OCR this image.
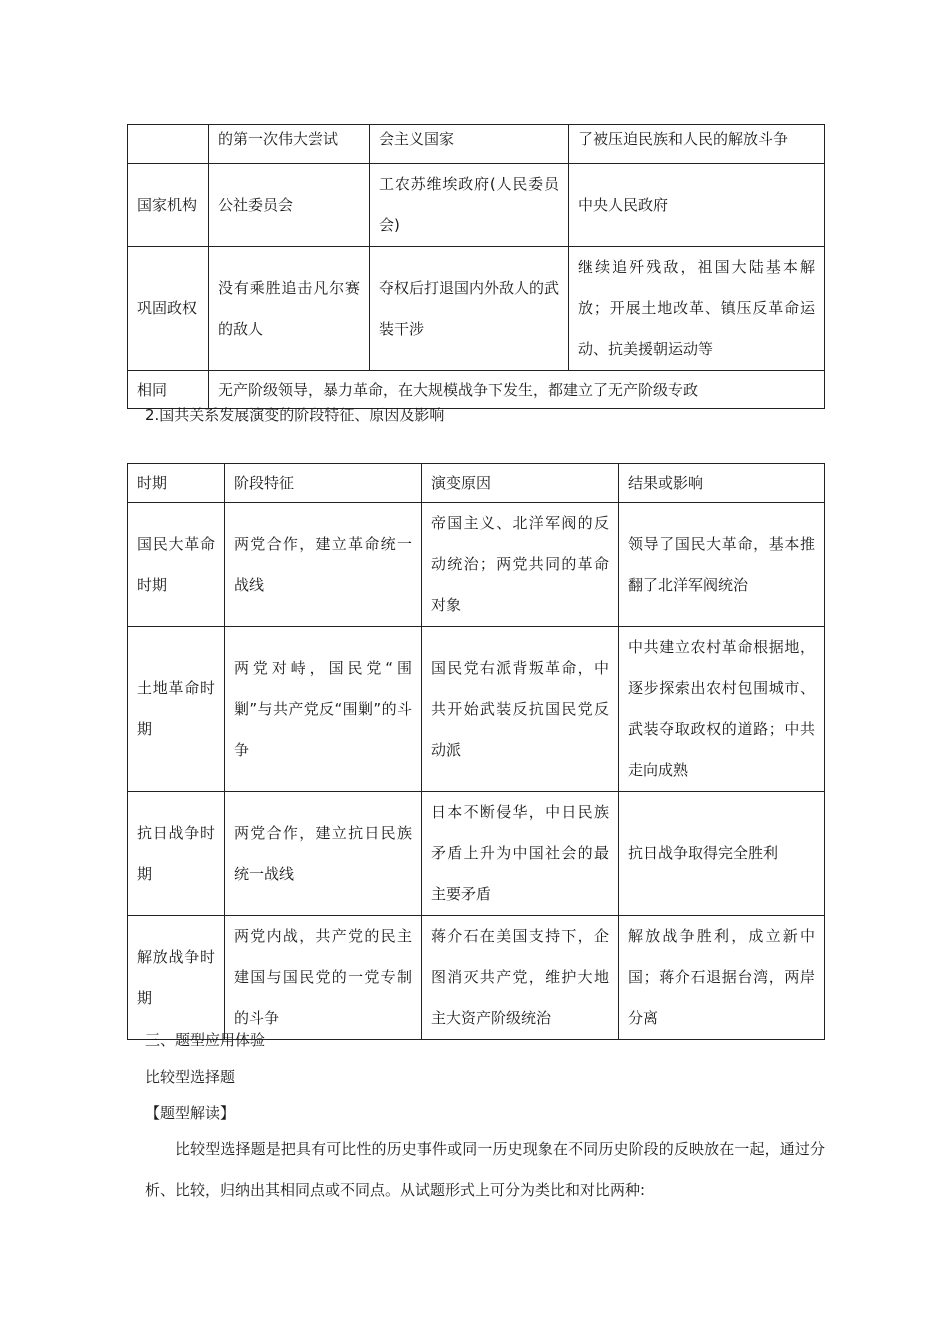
	的第一次伟大尝试	会主义国家	了被压迫民族和人民的解放斗争
国家机构	公社委员会	工农苏维埃政府(人民委员会)	中央人民政府
巩固政权	没有乘胜追击凡尔赛的敌人	夺权后打退国内外敌人的武装干涉	继续追歼残敌，祖国大陆基本解放；开展土地改革、镇压反革命运动、抗美援朝运动等
相同	无产阶级领导，暴力革命，在大规模战争下发生，都建立了无产阶级专政		
2.国共关系发展演变的阶段特征、原因及影响
时期	阶段特征	演变原因	结果或影响
国民大革命时期	两党合作，建立革命统一战线	帝国主义、北洋军阀的反动统治；两党共同的革命对象	领导了国民大革命，基本推翻了北洋军阀统治
土地革命时期	两党对峙，国民党“围剿”与共产党反“围剿”的斗争	国民党右派背叛革命，中共开始武装反抗国民党反动派	中共建立农村革命根据地，逐步探索出农村包围城市、武装夺取政权的道路；中共走向成熟
抗日战争时期	两党合作，建立抗日民族统一战线	日本不断侵华，中日民族矛盾上升为中国社会的最主要矛盾	抗日战争取得完全胜利
解放战争时期	两党内战，共产党的民主建国与国民党的一党专制的斗争	蒋介石在美国支持下，企图消灭共产党，维护大地主大资产阶级统治	解放战争胜利，成立新中国；蒋介石退据台湾，两岸分离
三、题型应用体验
比较型选择题
【题型解读】
比较型选择题是把具有可比性的历史事件或同一历史现象在不同历史阶段的反映放在一起，通过分析、比较，归纳出其相同点或不同点。从试题形式上可分为类比和对比两种:
